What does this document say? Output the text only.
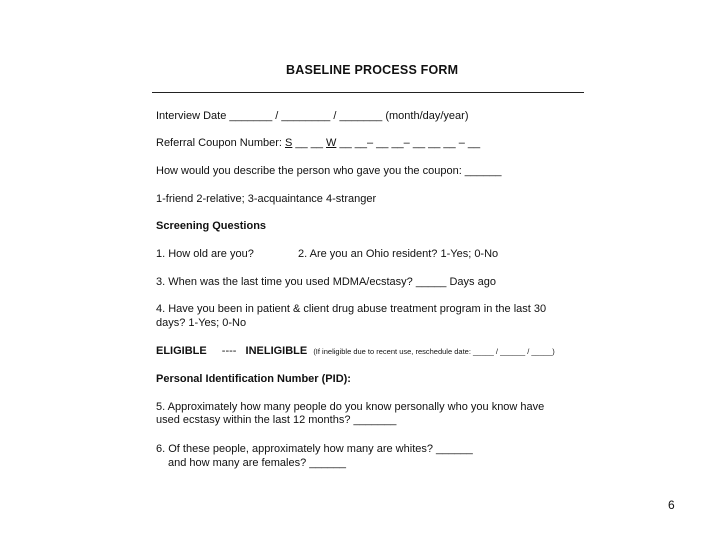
BASELINE PROCESS FORM
Interview Date _______ / ________ / _______ (month/day/year)
Referral Coupon Number: S __ __ W __ __– __ __– __ __ __ – __
How would you describe the person who gave you the coupon: ______
1-friend 2-relative; 3-acquaintance 4-stranger
Screening Questions
1. How old are you?	2. Are you an Ohio resident? 1-Yes; 0-No
3. When was the last time you used MDMA/ecstasy? _____ Days ago
4. Have you been in patient & client drug abuse treatment program in the last 30
days? 1-Yes; 0-No
ELIGIBLE ---- INELIGIBLE (If ineligible due to recent use, reschedule date: _____ / ______ / _____)
Personal Identification Number (PID):
5. Approximately how many people do you know personally who you know have
used ecstasy within the last 12 months? _______
6. Of these people, approximately how many are whites? ______
and how many are females? ______
6
